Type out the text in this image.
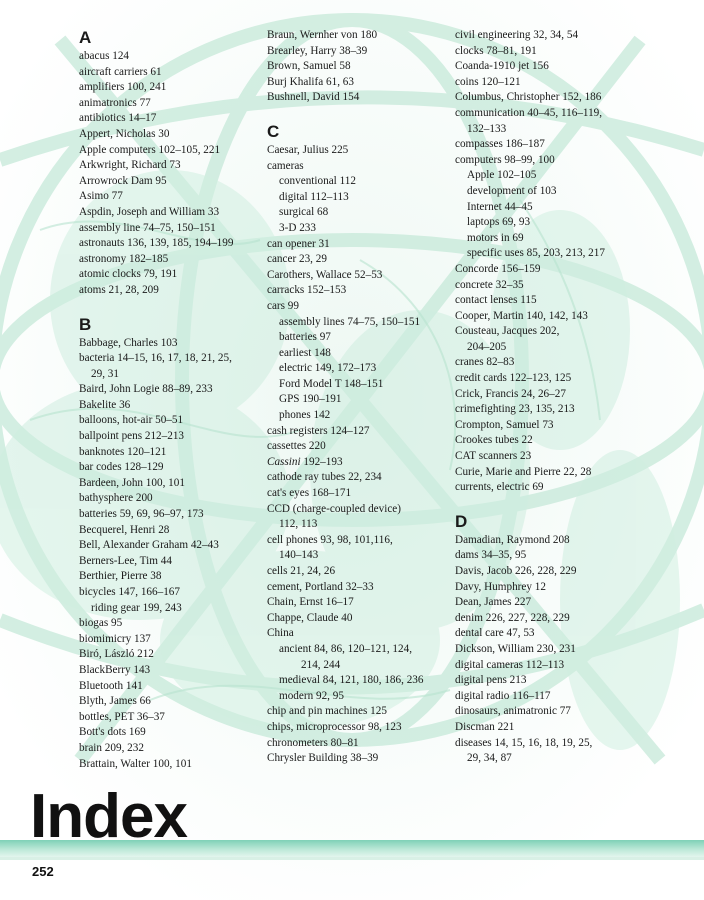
A
abacus 124
aircraft carriers 61
amplifiers 100, 241
animatronics 77
antibiotics 14–17
Appert, Nicholas 30
Apple computers 102–105, 221
Arkwright, Richard 73
Arrowrock Dam 95
Asimo 77
Aspdin, Joseph and William 33
assembly line 74–75, 150–151
astronauts 136, 139, 185, 194–199
astronomy 182–185
atomic clocks 79, 191
atoms 21, 28, 209
B
Babbage, Charles 103
bacteria 14–15, 16, 17, 18, 21, 25,
29, 31
Baird, John Logie 88–89, 233
Bakelite 36
balloons, hot-air 50–51
ballpoint pens 212–213
banknotes 120–121
bar codes 128–129
Bardeen, John 100, 101
bathysphere 200
batteries 59, 69, 96–97, 173
Becquerel, Henri 28
Bell, Alexander Graham 42–43
Berners-Lee, Tim 44
Berthier, Pierre 38
bicycles 147, 166–167
riding gear 199, 243
biogas 95
biomimicry 137
Biró, László 212
BlackBerry 143
Bluetooth 141
Blyth, James 66
bottles, PET 36–37
Bott's dots 169
brain 209, 232
Brattain, Walter 100, 101
Braun, Wernher von 180
Brearley, Harry 38–39
Brown, Samuel 58
Burj Khalifa 61, 63
Bushnell, David 154
C
Caesar, Julius 225
cameras
conventional 112
digital 112–113
surgical 68
3-D 233
can opener 31
cancer 23, 29
Carothers, Wallace 52–53
carracks 152–153
cars 99
assembly lines 74–75, 150–151
batteries 97
earliest 148
electric 149, 172–173
Ford Model T 148–151
GPS 190–191
phones 142
cash registers 124–127
cassettes 220
Cassini 192–193
cathode ray tubes 22, 234
cat's eyes 168–171
CCD (charge-coupled device)
112, 113
cell phones 93, 98, 101,116,
140–143
cells 21, 24, 26
cement, Portland 32–33
Chain, Ernst 16–17
Chappe, Claude 40
China
ancient 84, 86, 120–121, 124,
214, 244
medieval 84, 121, 180, 186, 236
modern 92, 95
chip and pin machines 125
chips, microprocessor 98, 123
chronometers 80–81
Chrysler Building 38–39
civil engineering 32, 34, 54
clocks 78–81, 191
Coanda-1910 jet 156
coins 120–121
Columbus, Christopher 152, 186
communication 40–45, 116–119,
132–133
compasses 186–187
computers 98–99, 100
Apple 102–105
development of 103
Internet 44–45
laptops 69, 93
motors in 69
specific uses 85, 203, 213, 217
Concorde 156–159
concrete 32–35
contact lenses 115
Cooper, Martin 140, 142, 143
Cousteau, Jacques 202,
204–205
cranes 82–83
credit cards 122–123, 125
Crick, Francis 24, 26–27
crimefighting 23, 135, 213
Crompton, Samuel 73
Crookes tubes 22
CAT scanners 23
Curie, Marie and Pierre 22, 28
currents, electric 69
D
Damadian, Raymond 208
dams 34–35, 95
Davis, Jacob 226, 228, 229
Davy, Humphrey 12
Dean, James 227
denim 226, 227, 228, 229
dental care 47, 53
Dickson, William 230, 231
digital cameras 112–113
digital pens 213
digital radio 116–117
dinosaurs, animatronic 77
Discman 221
diseases 14, 15, 16, 18, 19, 25,
29, 34, 87
Index
252
